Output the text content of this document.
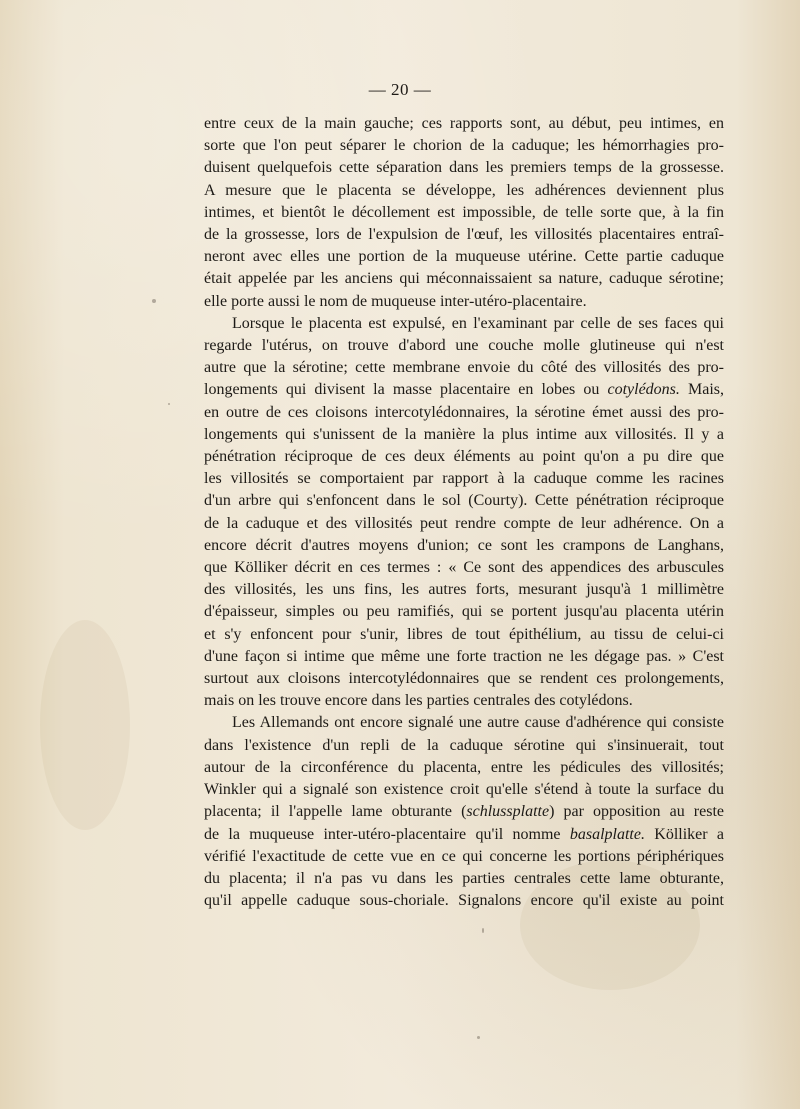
— 20 —
entre ceux de la main gauche; ces rapports sont, au début, peu intimes, en
sorte que l'on peut séparer le chorion de la caduque; les hémorrhagies pro-
duisent quelquefois cette séparation dans les premiers temps de la grossesse.
A mesure que le placenta se développe, les adhérences deviennent plus
intimes, et bientôt le décollement est impossible, de telle sorte que, à la fin
de la grossesse, lors de l'expulsion de l'œuf, les villosités placentaires entraî-
neront avec elles une portion de la muqueuse utérine. Cette partie caduque
était appelée par les anciens qui méconnaissaient sa nature, caduque sérotine;
elle porte aussi le nom de muqueuse inter-utéro-placentaire.
Lorsque le placenta est expulsé, en l'examinant par celle de ses faces qui
regarde l'utérus, on trouve d'abord une couche molle glutineuse qui n'est
autre que la sérotine; cette membrane envoie du côté des villosités des pro-
longements qui divisent la masse placentaire en lobes ou cotylédons. Mais,
en outre de ces cloisons intercotylédonnaires, la sérotine émet aussi des pro-
longements qui s'unissent de la manière la plus intime aux villosités. Il y a
pénétration réciproque de ces deux éléments au point qu'on a pu dire que
les villosités se comportaient par rapport à la caduque comme les racines
d'un arbre qui s'enfoncent dans le sol (Courty). Cette pénétration réciproque
de la caduque et des villosités peut rendre compte de leur adhérence. On a
encore décrit d'autres moyens d'union; ce sont les crampons de Langhans,
que Kölliker décrit en ces termes : « Ce sont des appendices des arbuscules
des villosités, les uns fins, les autres forts, mesurant jusqu'à 1 millimètre
d'épaisseur, simples ou peu ramifiés, qui se portent jusqu'au placenta utérin
et s'y enfoncent pour s'unir, libres de tout épithélium, au tissu de celui-ci
d'une façon si intime que même une forte traction ne les dégage pas. » C'est
surtout aux cloisons intercotylédonnaires que se rendent ces prolongements,
mais on les trouve encore dans les parties centrales des cotylédons.
Les Allemands ont encore signalé une autre cause d'adhérence qui consiste
dans l'existence d'un repli de la caduque sérotine qui s'insinuerait, tout
autour de la circonférence du placenta, entre les pédicules des villosités;
Winkler qui a signalé son existence croit qu'elle s'étend à toute la surface du
placenta; il l'appelle lame obturante (schlussplatte) par opposition au reste
de la muqueuse inter-utéro-placentaire qu'il nomme basalplatte. Kölliker a
vérifié l'exactitude de cette vue en ce qui concerne les portions périphériques
du placenta; il n'a pas vu dans les parties centrales cette lame obturante,
qu'il appelle caduque sous-choriale. Signalons encore qu'il existe au point
